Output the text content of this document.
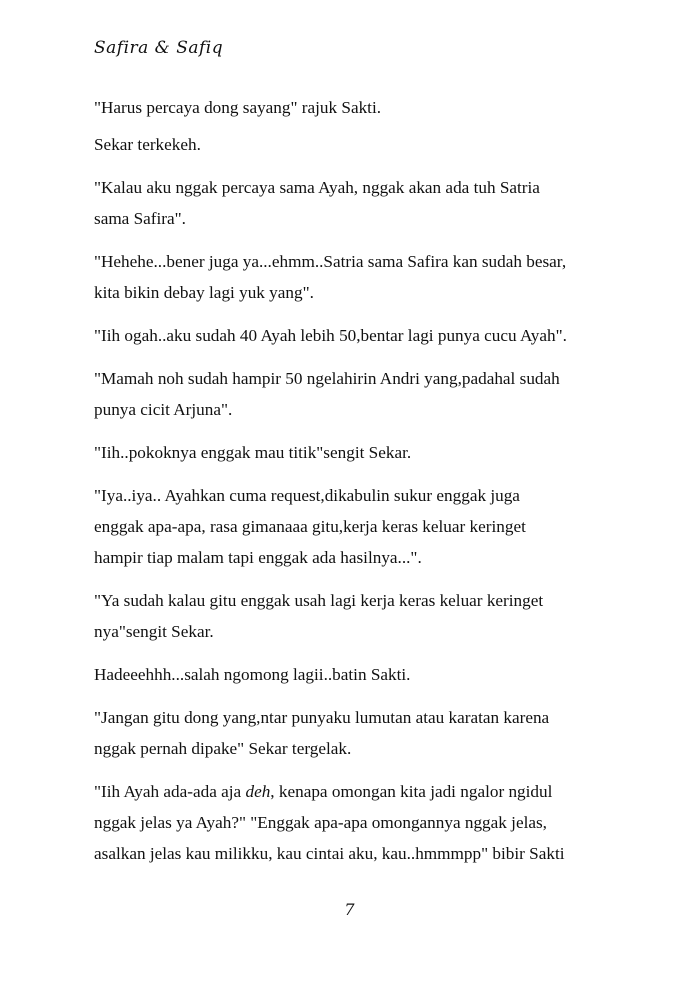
Safira & Safiq

"Harus percaya dong sayang" rajuk Sakti.

Sekar terkekeh.

"Kalau aku nggak percaya sama Ayah, nggak akan ada tuh Satria
sama Safira".

"Hehehe...bener juga ya...ehmm..Satria sama Safira kan sudah besar,
kita bikin debay lagi yuk yang".

"Iih ogah..aku sudah 40 Ayah lebih 50,bentar lagi punya cucu Ayah".

"Mamah noh sudah hampir 50 ngelahirin Andri yang,padahal sudah
punya cicit Arjuna".

"Iih..pokoknya enggak mau titik"sengit Sekar.

"Iya..iya.. Ayahkan cuma request,dikabulin sukur enggak juga
enggak apa-apa, rasa gimanaaa gitu,kerja keras keluar keringet
hampir tiap malam tapi enggak ada hasilnya...".

"Ya sudah kalau gitu enggak usah lagi kerja keras keluar keringet
nya"sengit Sekar.

Hadeeehhh...salah ngomong lagii..batin Sakti.

"Jangan gitu dong yang,ntar punyaku lumutan atau karatan karena
nggak pernah dipake" Sekar tergelak.

"Iih Ayah ada-ada aja deh, kenapa omongan kita jadi ngalor ngidul
nggak jelas ya Ayah?" "Enggak apa-apa omongannya nggak jelas,
asalkan jelas kau milikku, kau cintai aku, kau..hmmmpp" bibir Sakti

7
